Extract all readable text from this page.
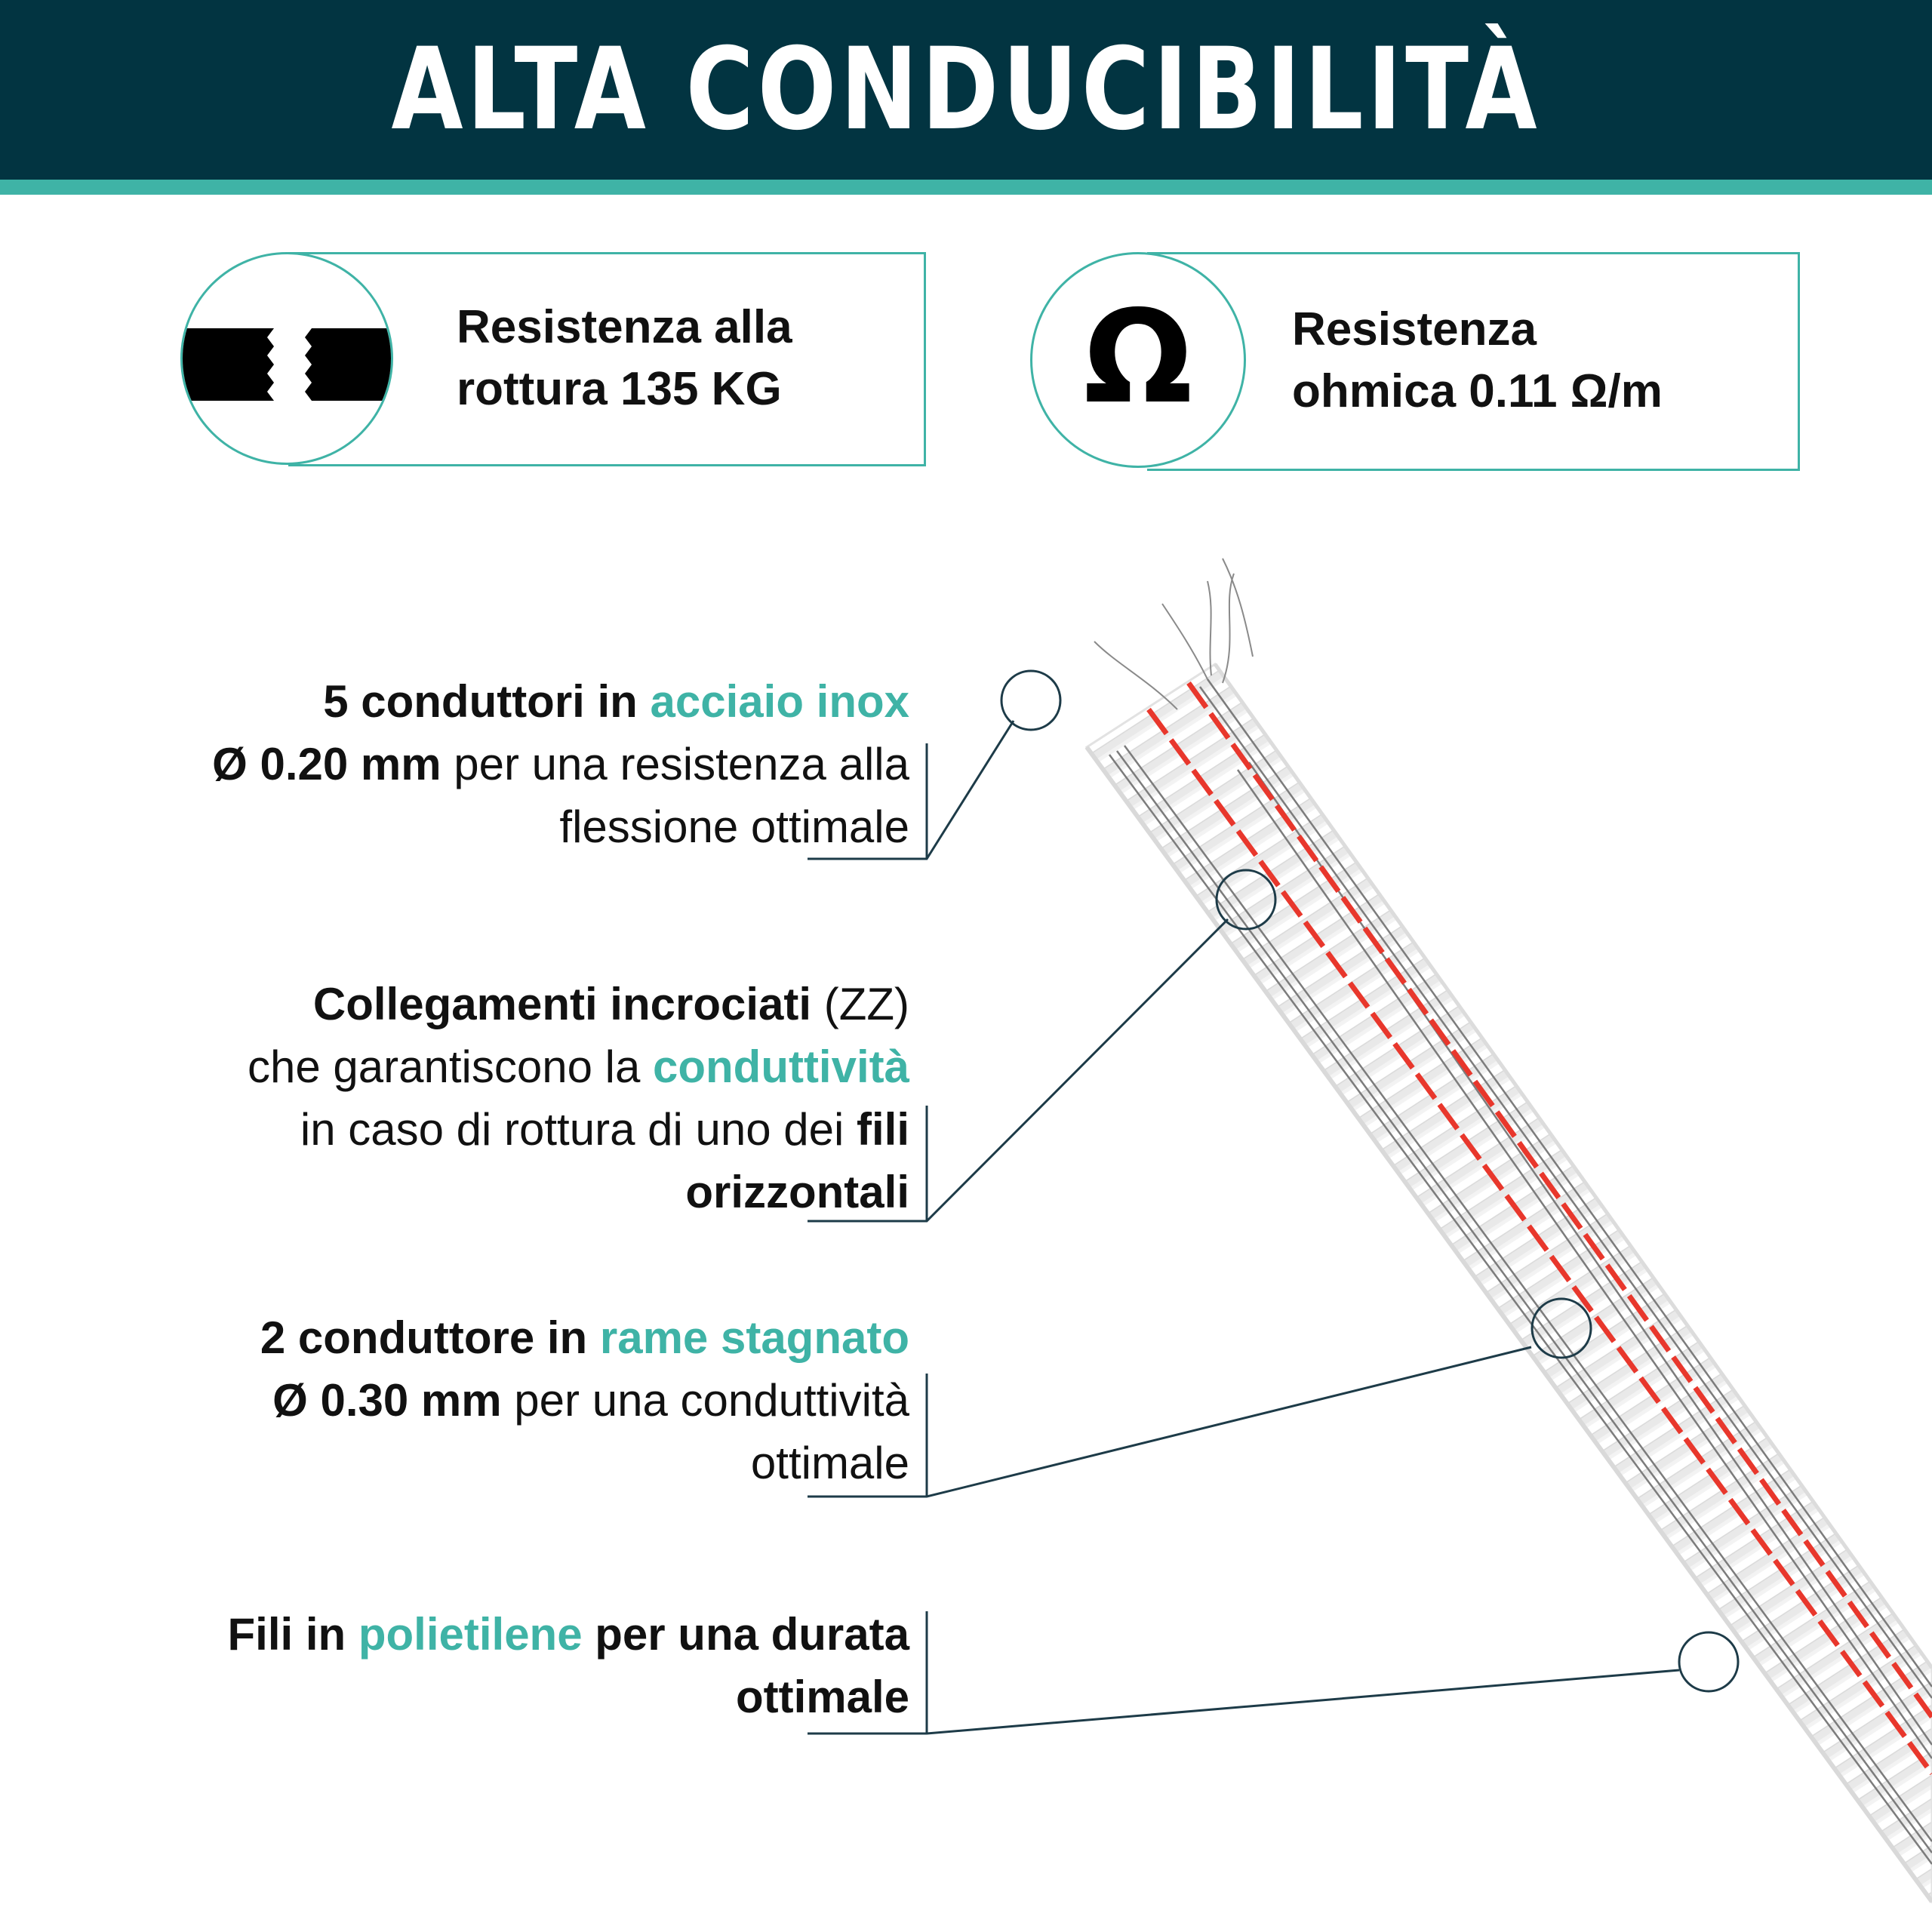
ALTA CONDUCIBILITÀ
Resistenza alla
rottura 135 KG Ω Resistenza
ohmica 0.11 Ω/m
5 conduttori in acciaio inox
Ø 0.20 mm per una resistenza alla
flessione ottimale
Collegamenti incrociati (ZZ)
che garantiscono la conduttività
in caso di rottura di uno dei fili
orizzontali
2 conduttore in rame stagnato
Ø 0.30 mm per una conduttività
ottimale
Fili in polietilene per una durata
ottimale
